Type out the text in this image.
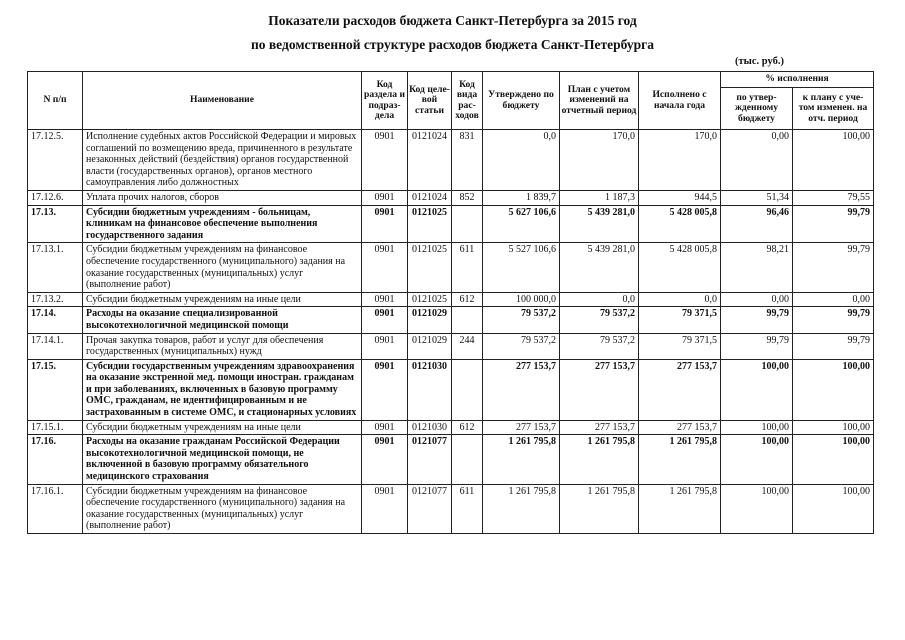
Показатели расходов бюджета Санкт-Петербурга за 2015 год
по ведомственной структуре расходов бюджета Санкт-Петербурга
(тыс. руб.)
N п/п	Наименование	Код раздела и подраз- дела	Код целе- вой статьи	Код вида рас- ходов	Утверждено по бюджету	План с учетом изменений на отчетный период	Исполнено с начала года	% исполнения	
								по утвер- жденному бюджету	к плану с уче- том изменен. на отч. период
17.12.5.	Исполнение судебных актов Российской Федерации и мировых соглашений по возмещению вреда, причиненного в результате незаконных действий (бездействия) органов государственной власти (государственных органов), органов местного самоуправления либо должностных	0901	0121024	831	0,0	170,0	170,0	0,00	100,00
17.12.6.	Уплата прочих налогов, сборов	0901	0121024	852	1 839,7	1 187,3	944,5	51,34	79,55
17.13.	Субсидии бюджетным учреждениям - больницам, клиникам на финансовое обеспечение выполнения государственного задания	0901	0121025		5 627 106,6	5 439 281,0	5 428 005,8	96,46	99,79
17.13.1.	Субсидии бюджетным учреждениям на финансовое обеспечение государственного (муниципального) задания на оказание государственных (муниципальных) услуг (выполнение работ)	0901	0121025	611	5 527 106,6	5 439 281,0	5 428 005,8	98,21	99,79
17.13.2.	Субсидии бюджетным учреждениям на иные цели	0901	0121025	612	100 000,0	0,0	0,0	0,00	0,00
17.14.	Расходы на оказание специализированной высокотехнологичной медицинской помощи	0901	0121029		79 537,2	79 537,2	79 371,5	99,79	99,79
17.14.1.	Прочая закупка товаров, работ и услуг для обеспечения государственных (муниципальных) нужд	0901	0121029	244	79 537,2	79 537,2	79 371,5	99,79	99,79
17.15.	Субсидии государственным учреждениям здравоохранения на оказание экстренной мед. помощи иностран. гражданам и при заболеваниях, включенных в базовую программу ОМС, гражданам, не идентифицированным и не застрахованным в системе ОМС, и стационарных условиях	0901	0121030		277 153,7	277 153,7	277 153,7	100,00	100,00
17.15.1.	Субсидии бюджетным учреждениям на иные цели	0901	0121030	612	277 153,7	277 153,7	277 153,7	100,00	100,00
17.16.	Расходы на оказание гражданам Российской Федерации высокотехнологичной медицинской помощи, не включенной в базовую программу обязательного медицинского страхования	0901	0121077		1 261 795,8	1 261 795,8	1 261 795,8	100,00	100,00
17.16.1.	Субсидии бюджетным учреждениям на финансовое обеспечение государственного (муниципального) задания на оказание государственных (муниципальных) услуг (выполнение работ)	0901	0121077	611	1 261 795,8	1 261 795,8	1 261 795,8	100,00	100,00
